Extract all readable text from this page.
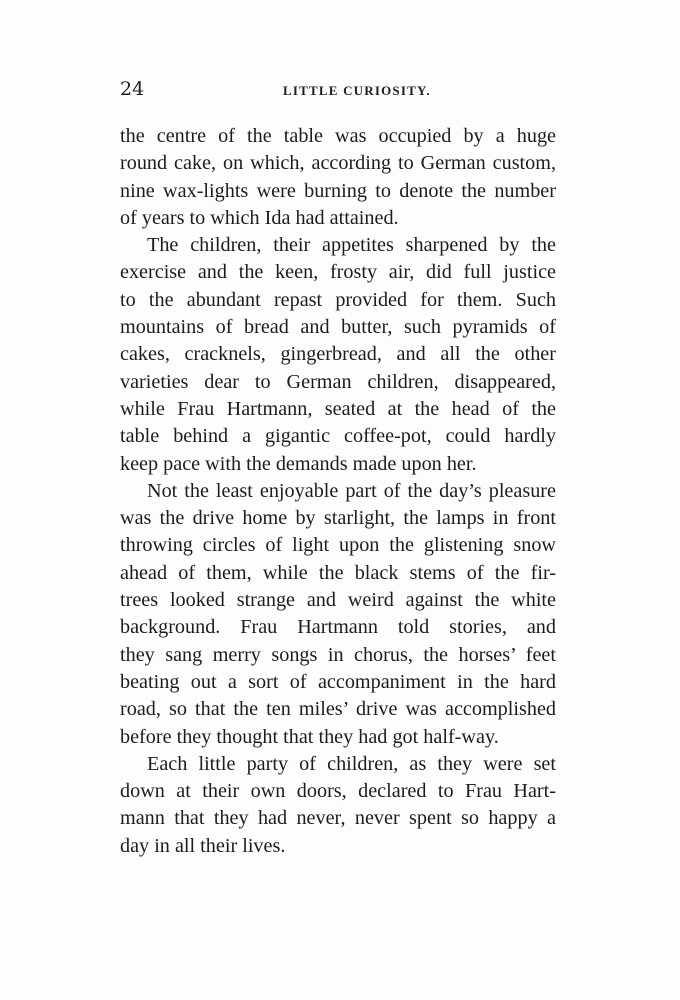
24	LITTLE CURIOSITY.
the centre of the table was occupied by a huge
round cake, on which, according to German custom,
nine wax-lights were burning to denote the number
of years to which Ida had attained.
The children, their appetites sharpened by the
exercise and the keen, frosty air, did full justice
to the abundant repast provided for them. Such
mountains of bread and butter, such pyramids of
cakes, cracknels, gingerbread, and all the other
varieties dear to German children, disappeared,
while Frau Hartmann, seated at the head of the
table behind a gigantic coffee-pot, could hardly
keep pace with the demands made upon her.
Not the least enjoyable part of the day’s pleasure
was the drive home by starlight, the lamps in front
throwing circles of light upon the glistening snow
ahead of them, while the black stems of the fir-
trees looked strange and weird against the white
background. Frau Hartmann told stories, and
they sang merry songs in chorus, the horses’ feet
beating out a sort of accompaniment in the hard
road, so that the ten miles’ drive was accomplished
before they thought that they had got half-way.
Each little party of children, as they were set
down at their own doors, declared to Frau Hart-
mann that they had never, never spent so happy a
day in all their lives.
